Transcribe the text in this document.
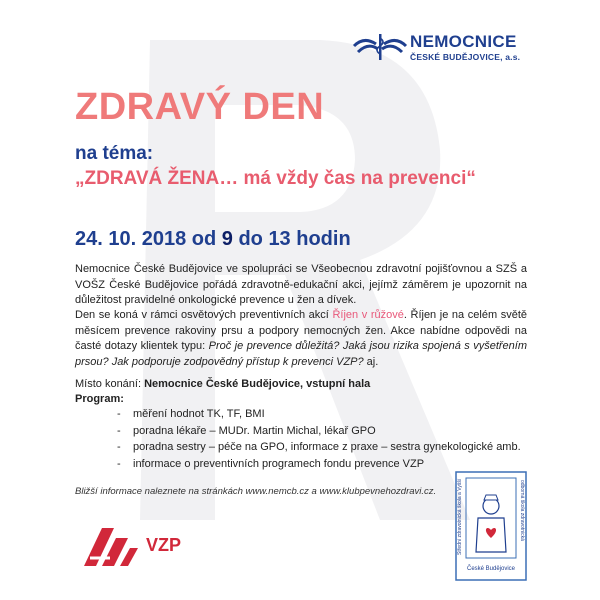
NEMOCNICE
ČESKÉ BUDĚJOVICE, a.s.
ZDRAVÝ DEN
na téma:
„ZDRAVÁ ŽENA… má vždy čas na prevenci“
24. 10. 2018 od 9 do 13 hodin
Nemocnice České Budějovice ve spolupráci se Všeobecnou zdravotní pojišťovnou a SZŠ a VOŠZ České Budějovice pořádá zdravotně-edukační akci, jejímž záměrem je upozornit na důležitost pravidelné onkologické prevence u žen a dívek.
Den se koná v rámci osvětových preventivních akcí Říjen v růžové. Říjen je na celém světě měsícem prevence rakoviny prsu a podpory nemocných žen. Akce nabídne odpovědi na časté dotazy klientek typu: Proč je prevence důležitá? Jaká jsou rizika spojená s vyšetřením prsou? Jak podporuje zodpovědný přístup k prevenci VZP? aj.
Místo konání: Nemocnice České Budějovice, vstupní hala
Program:
- měření hodnot TK, TF, BMI
- poradna lékaře – MUDr. Martin Michal, lékař GPO
- poradna sestry – péče na GPO, informace z praxe – sestra gynekologické amb.
- informace o preventivních programech fondu prevence VZP
Bližší informace naleznete na stránkách www.nemcb.cz a www.klubpevnehozdravi.cz.
VZP	Střední zdravotnická škola a Vyšší	odborná škola zdravotnická
České Budějovice
